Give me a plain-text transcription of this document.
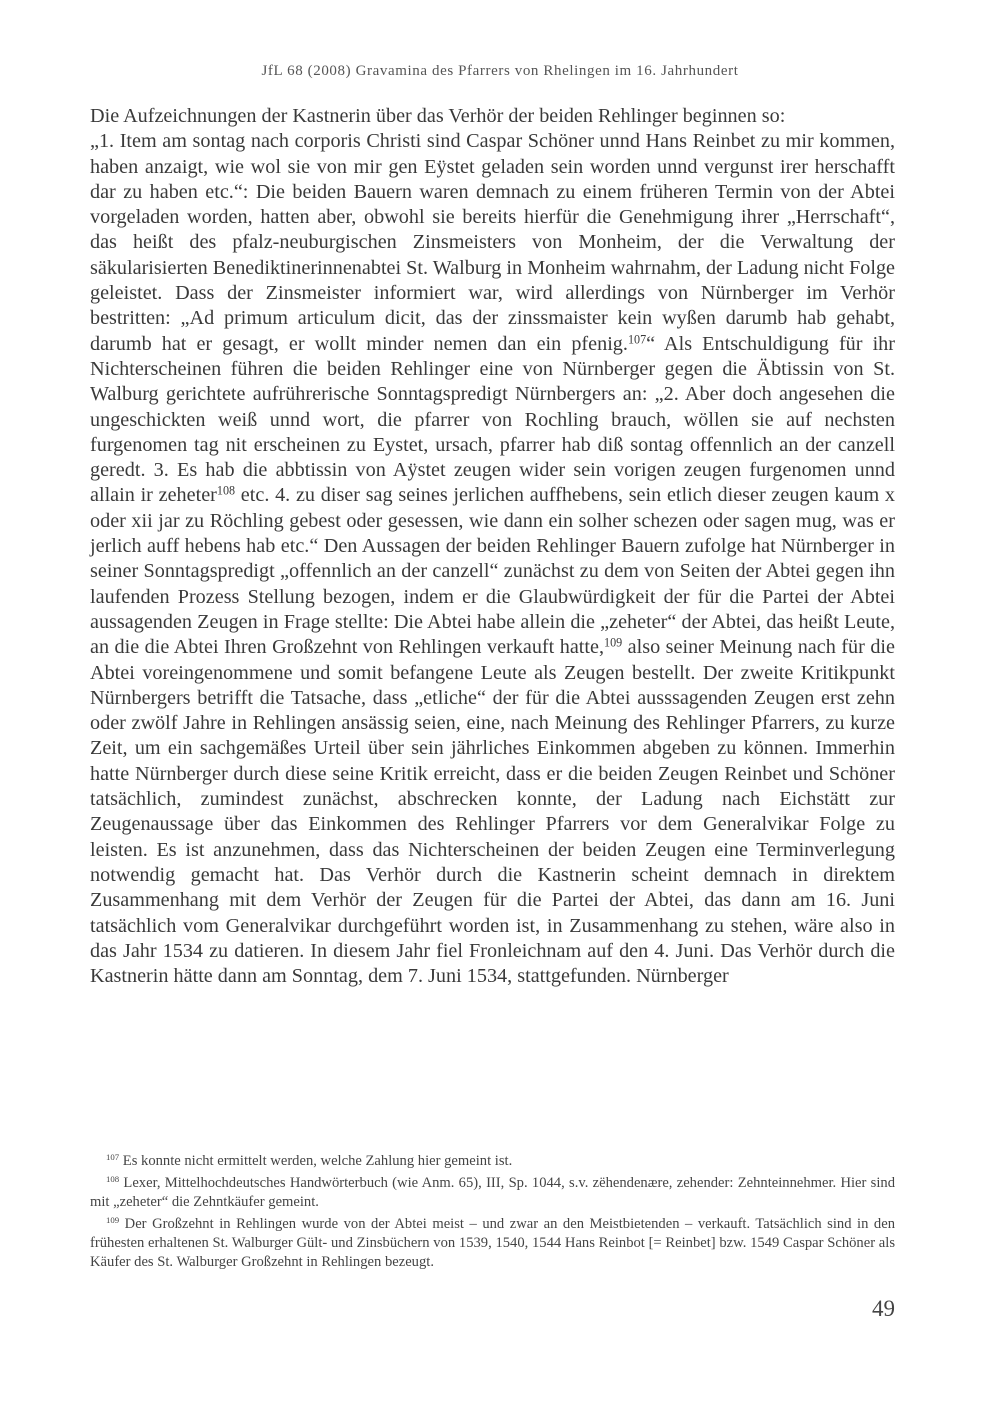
JfL 68 (2008) Gravamina des Pfarrers von Rhelingen im 16. Jahrhundert

Die Aufzeichnungen der Kastnerin über das Verhör der beiden Rehlinger beginnen so:

„1. Item am sontag nach corporis Christi sind Caspar Schöner unnd Hans Reinbet zu mir kommen, haben anzaigt, wie wol sie von mir gen Eÿstet geladen sein worden unnd vergunst irer herschafft dar zu haben etc.“: Die beiden Bauern waren demnach zu einem früheren Termin von der Abtei vorgeladen worden, hatten aber, obwohl sie bereits hierfür die Genehmigung ihrer „Herrschaft“, das heißt des pfalz-neuburgischen Zinsmeisters von Monheim, der die Verwaltung der säkularisierten Benediktinerinnenabtei St. Walburg in Monheim wahrnahm, der Ladung nicht Folge geleistet. Dass der Zinsmeister informiert war, wird allerdings von Nürnberger im Verhör bestritten: „Ad primum articulum dicit, das der zinssmaister kein wyßen darumb hab gehabt, darumb hat er gesagt, er wollt minder nemen dan ein pfenig.$^{107}$“ Als Entschuldigung für ihr Nichterscheinen führen die beiden Rehlinger eine von Nürnberger gegen die Äbtissin von St. Walburg gerichtete aufrührerische Sonntagspredigt Nürnbergers an: „2. Aber doch angesehen die ungeschickten weiß unnd wort, die pfarrer von Rochling brauch, wöllen sie auf nechsten furgenomen tag nit erscheinen zu Eystet, ursach, pfarrer hab diß sontag offennlich an der canzell geredt. 3. Es hab die abbtissin von Aÿstet zeugen wider sein vorigen zeugen furgenomen unnd allain ir zeheter$^{108}$ etc. 4. zu diser sag seines jerlichen auffhebens, sein etlich dieser zeugen kaum x oder xii jar zu Röchling gebest oder gesessen, wie dann ein solher schezen oder sagen mug, was er jerlich auff hebens hab etc.“ Den Aussagen der beiden Rehlinger Bauern zufolge hat Nürnberger in seiner Sonntagspredigt „offennlich an der canzell“ zunächst zu dem von Seiten der Abtei gegen ihn laufenden Prozess Stellung bezogen, indem er die Glaubwürdigkeit der für die Partei der Abtei aussagenden Zeugen in Frage stellte: Die Abtei habe allein die „zeheter“ der Abtei, das heißt Leute, an die die Abtei Ihren Großzehnt von Rehlingen verkauft hatte,$^{109}$ also seiner Meinung nach für die Abtei voreingenommene und somit befangene Leute als Zeugen bestellt. Der zweite Kritikpunkt Nürnbergers betrifft die Tatsache, dass „etliche“ der für die Abtei ausssagenden Zeugen erst zehn oder zwölf Jahre in Rehlingen ansässig seien, eine, nach Meinung des Rehlinger Pfarrers, zu kurze Zeit, um ein sachgemäßes Urteil über sein jährliches Einkommen abgeben zu können. Immerhin hatte Nürnberger durch diese seine Kritik erreicht, dass er die beiden Zeugen Reinbet und Schöner tatsächlich, zumindest zunächst, abschrecken konnte, der Ladung nach Eichstätt zur Zeugenaussage über das Einkommen des Rehlinger Pfarrers vor dem Generalvikar Folge zu leisten. Es ist anzunehmen, dass das Nichterscheinen der beiden Zeugen eine Terminverlegung notwendig gemacht hat. Das Verhör durch die Kastnerin scheint demnach in direktem Zusammenhang mit dem Verhör der Zeugen für die Partei der Abtei, das dann am 16. Juni tatsächlich vom Generalvikar durchgeführt worden ist, in Zusammenhang zu stehen, wäre also in das Jahr 1534 zu datieren. In diesem Jahr fiel Fronleichnam auf den 4. Juni. Das Verhör durch die Kastnerin hätte dann am Sonntag, dem 7. Juni 1534, stattgefunden. Nürnberger

$^{107}$ Es konnte nicht ermittelt werden, welche Zahlung hier gemeint ist.

$^{108}$ Lexer, Mittelhochdeutsches Handwörterbuch (wie Anm. 65), III, Sp. 1044, s.v. zëhendenære, zehender: Zehnteinnehmer. Hier sind mit „zeheter“ die Zehntkäufer gemeint.

$^{109}$ Der Großzehnt in Rehlingen wurde von der Abtei meist – und zwar an den Meistbietenden – verkauft. Tatsächlich sind in den frühesten erhaltenen St. Walburger Gült- und Zinsbüchern von 1539, 1540, 1544 Hans Reinbot [= Reinbet] bzw. 1549 Caspar Schöner als Käufer des St. Walburger Großzehnt in Rehlingen bezeugt.

49
